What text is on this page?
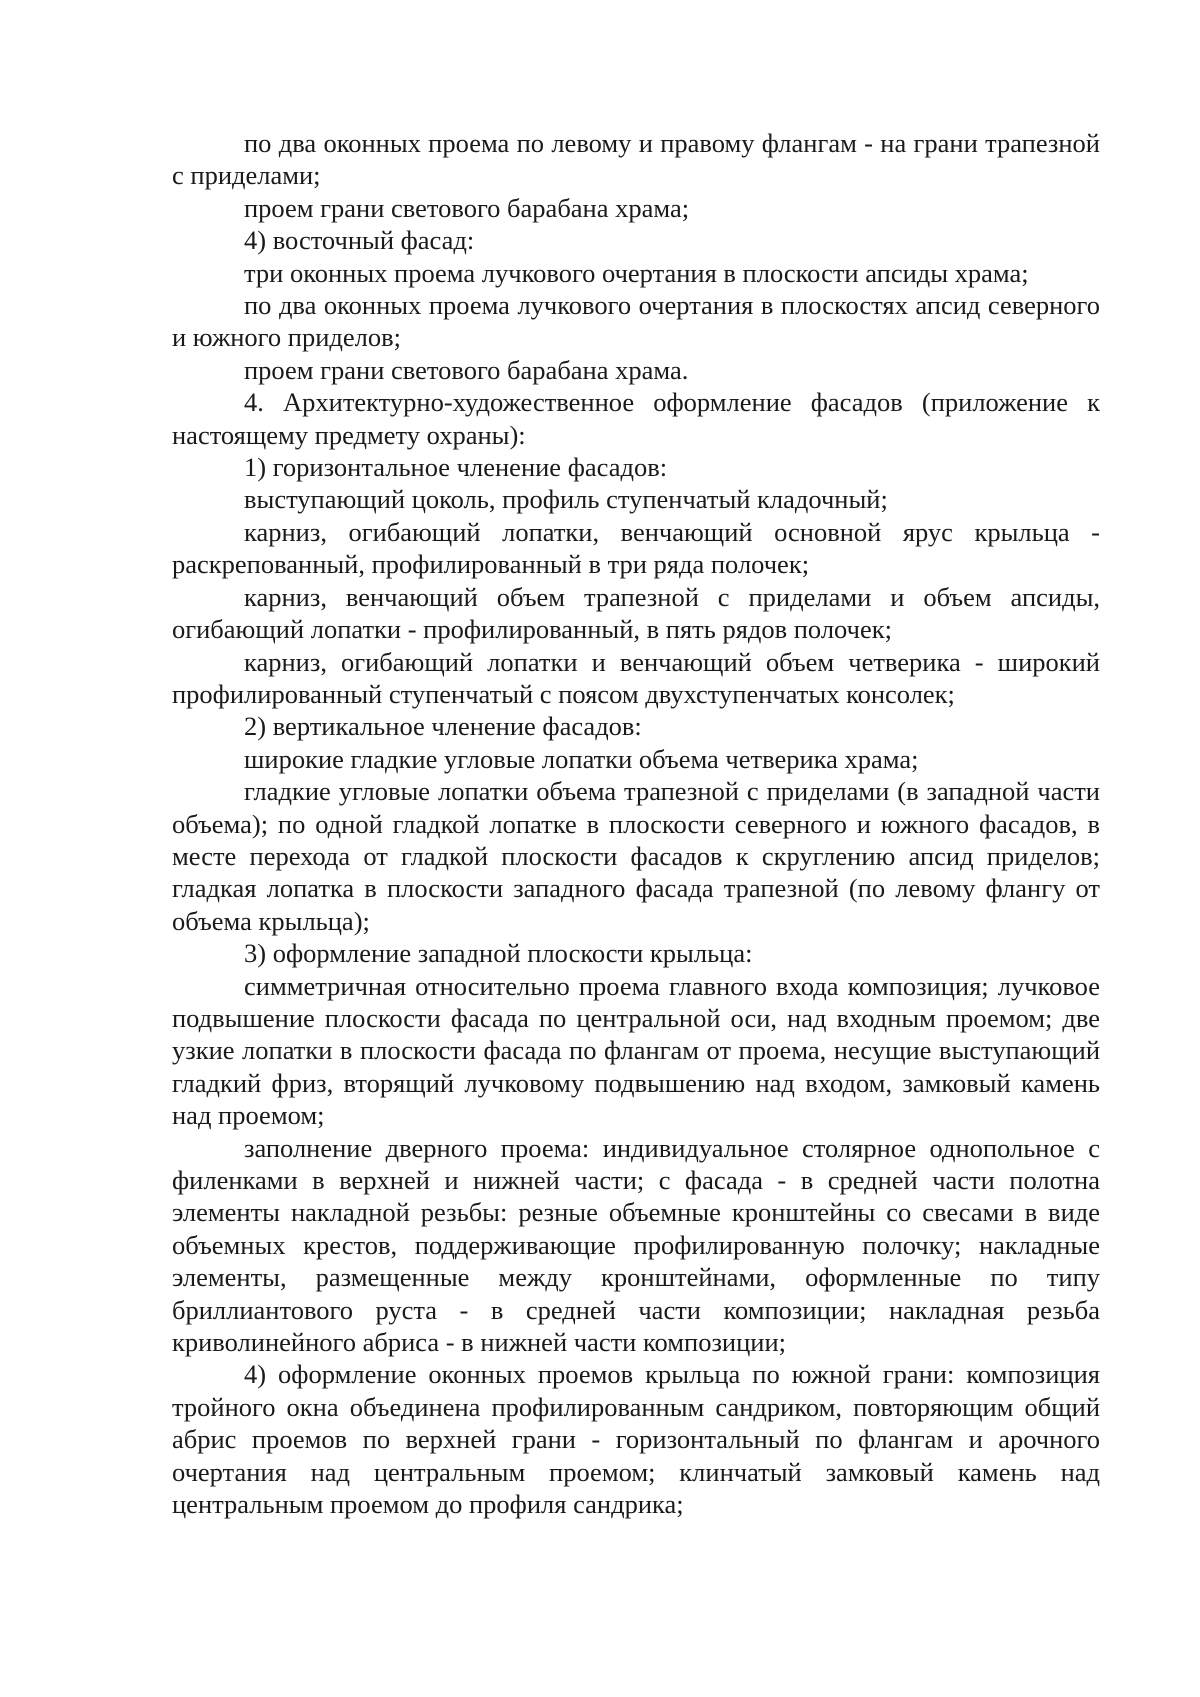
по два оконных проема по левому и правому флангам - на грани трапезной с приделами;

проем грани светового барабана храма;

4) восточный фасад:

три оконных проема лучкового очертания в плоскости апсиды храма;

по два оконных проема лучкового очертания в плоскостях апсид северного и южного приделов;

проем грани светового барабана храма.

4. Архитектурно-художественное оформление фасадов (приложение к настоящему предмету охраны):

1) горизонтальное членение фасадов:

выступающий цоколь, профиль ступенчатый кладочный;

карниз, огибающий лопатки, венчающий основной ярус крыльца - раскрепованный, профилированный в три ряда полочек;

карниз, венчающий объем трапезной с приделами и объем апсиды, огибающий лопатки - профилированный, в пять рядов полочек;

карниз, огибающий лопатки и венчающий объем четверика - широкий профилированный ступенчатый с поясом двухступенчатых консолек;

2) вертикальное членение фасадов:

широкие гладкие угловые лопатки объема четверика храма;

гладкие угловые лопатки объема трапезной с приделами (в западной части объема); по одной гладкой лопатке в плоскости северного и южного фасадов, в месте перехода от гладкой плоскости фасадов к скруглению апсид приделов; гладкая лопатка в плоскости западного фасада трапезной (по левому флангу от объема крыльца);

3) оформление западной плоскости крыльца:

симметричная относительно проема главного входа композиция; лучковое подвышение плоскости фасада по центральной оси, над входным проемом; две узкие лопатки в плоскости фасада по флангам от проема, несущие выступающий гладкий фриз, вторящий лучковому подвышению над входом, замковый камень над проемом;

заполнение дверного проема: индивидуальное столярное однопольное с филенками в верхней и нижней части; с фасада - в средней части полотна элементы накладной резьбы: резные объемные кронштейны со свесами в виде объемных крестов, поддерживающие профилированную полочку; накладные элементы, размещенные между кронштейнами, оформленные по типу бриллиантового руста - в средней части композиции; накладная резьба криволинейного абриса - в нижней части композиции;

4) оформление оконных проемов крыльца по южной грани: композиция тройного окна объединена профилированным сандриком, повторяющим общий абрис проемов по верхней грани - горизонтальный по флангам и арочного очертания над центральным проемом; клинчатый замковый камень над центральным проемом до профиля сандрика;
